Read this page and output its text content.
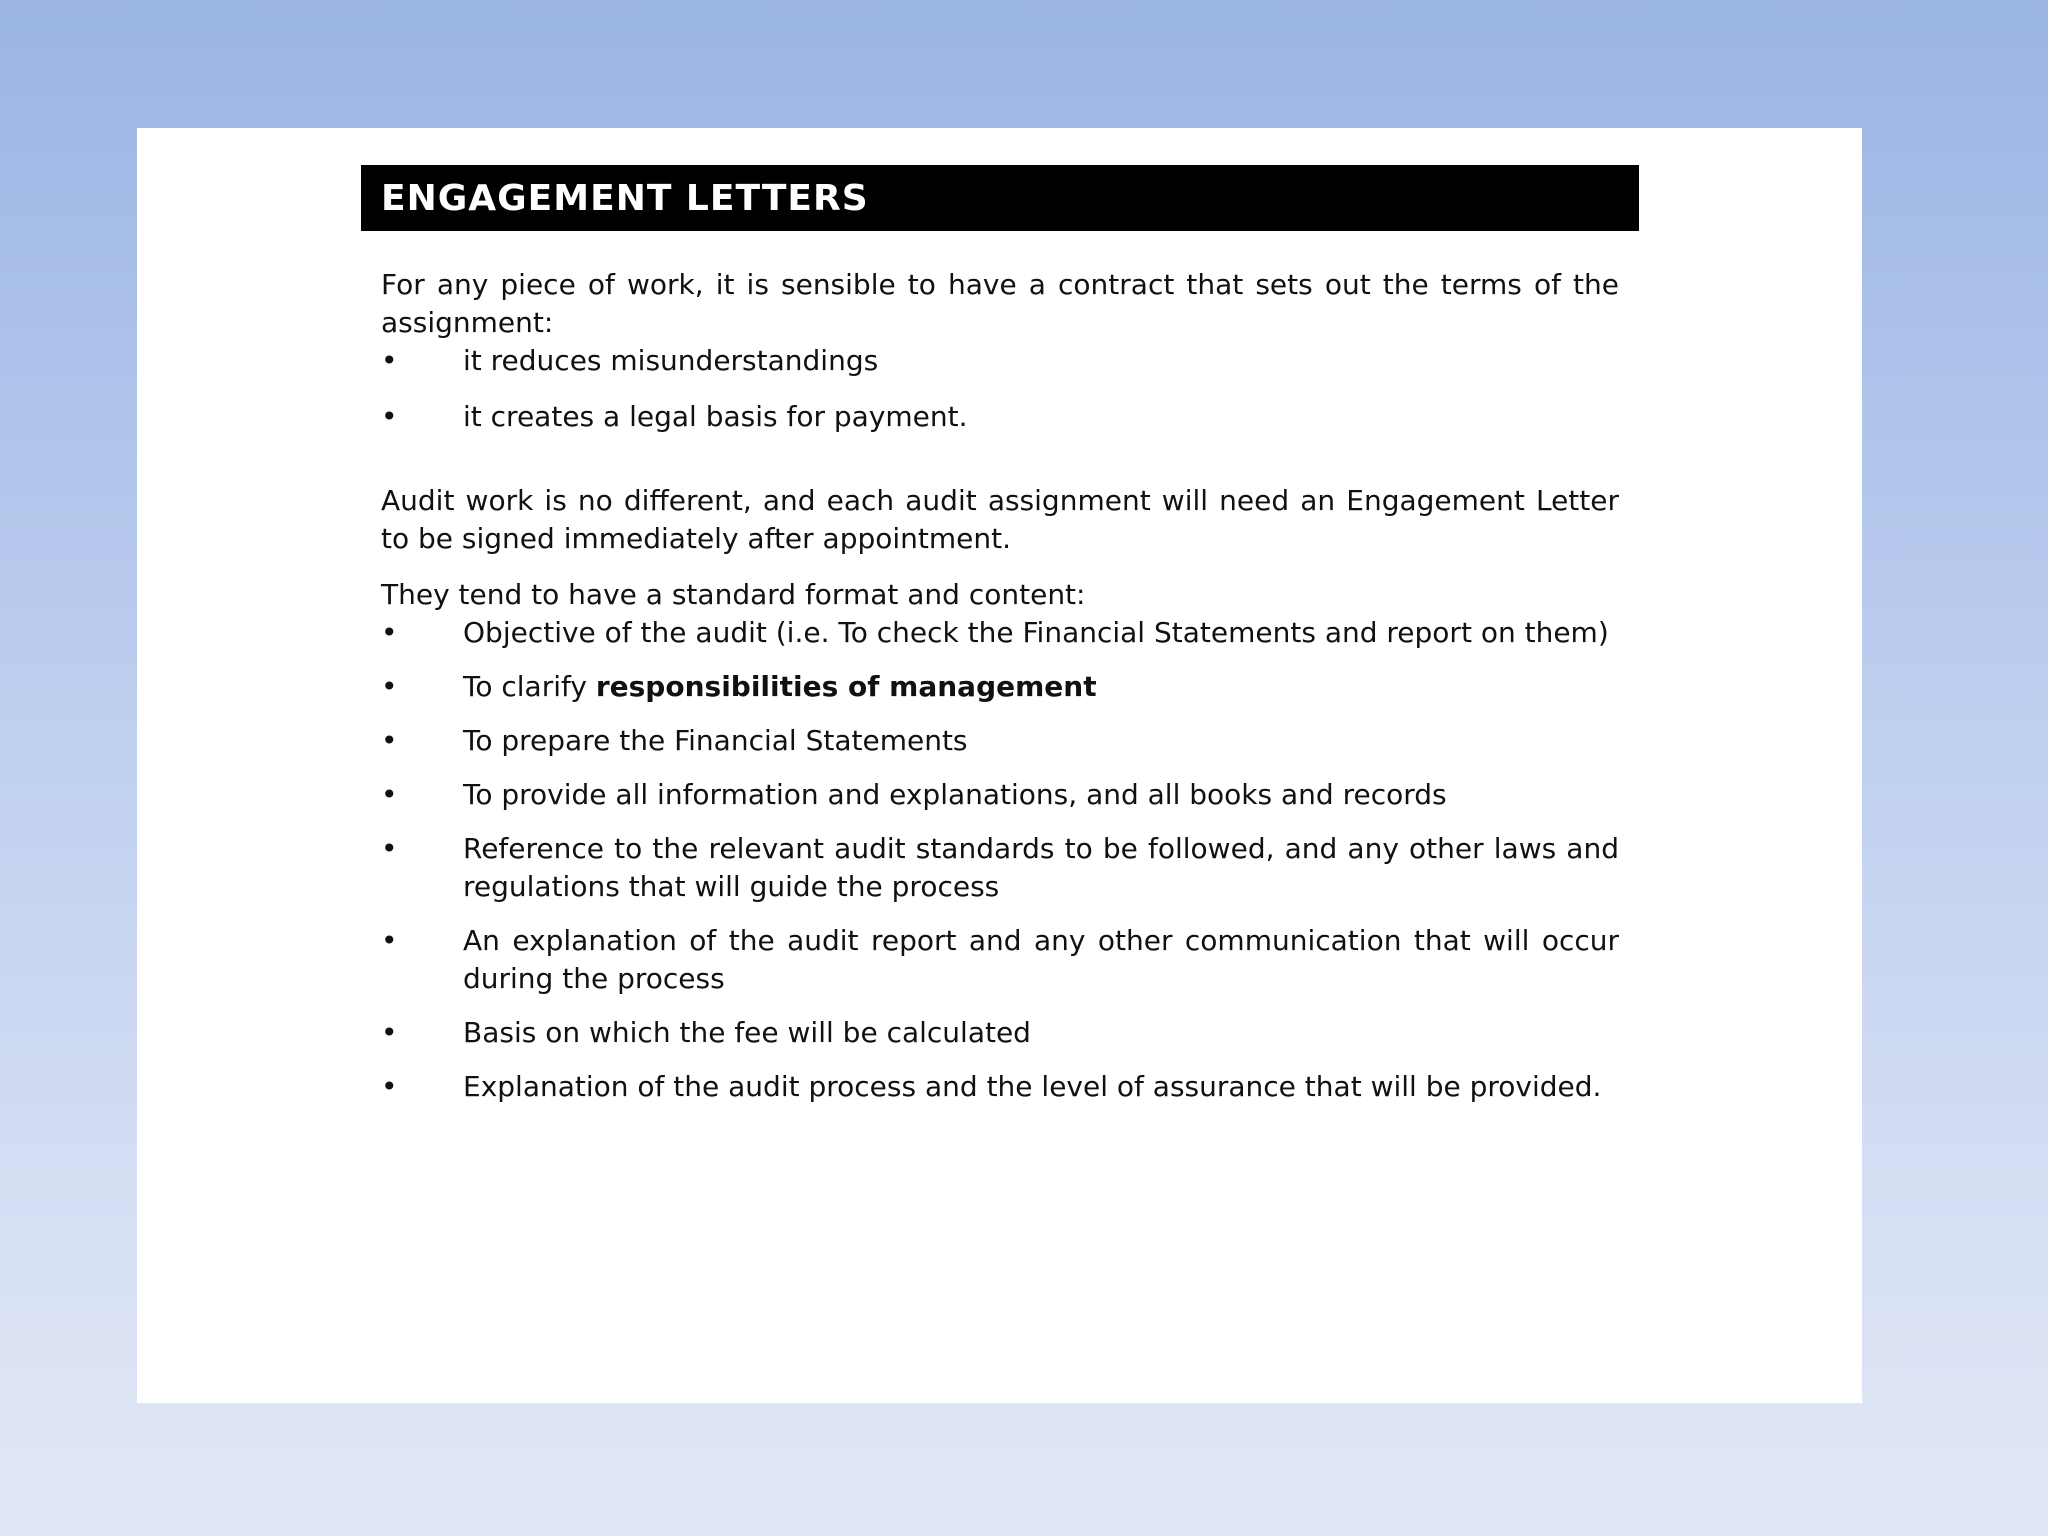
ENGAGEMENT LETTERS

For any piece of work, it is sensible to have a contract that sets out the terms of the assignment:

• it reduces misunderstandings
• it creates a legal basis for payment.

Audit work is no different, and each audit assignment will need an Engagement Letter to be signed immediately after appointment.

They tend to have a standard format and content:

• Objective of the audit (i.e. To check the Financial Statements and report on them)
• To clarify responsibilities of management
• To prepare the Financial Statements
• To provide all information and explanations, and all books and records
• Reference to the relevant audit standards to be followed, and any other laws and regulations that will guide the process
• An explanation of the audit report and any other communication that will occur during the process
• Basis on which the fee will be calculated
• Explanation of the audit process and the level of assurance that will be provided.
